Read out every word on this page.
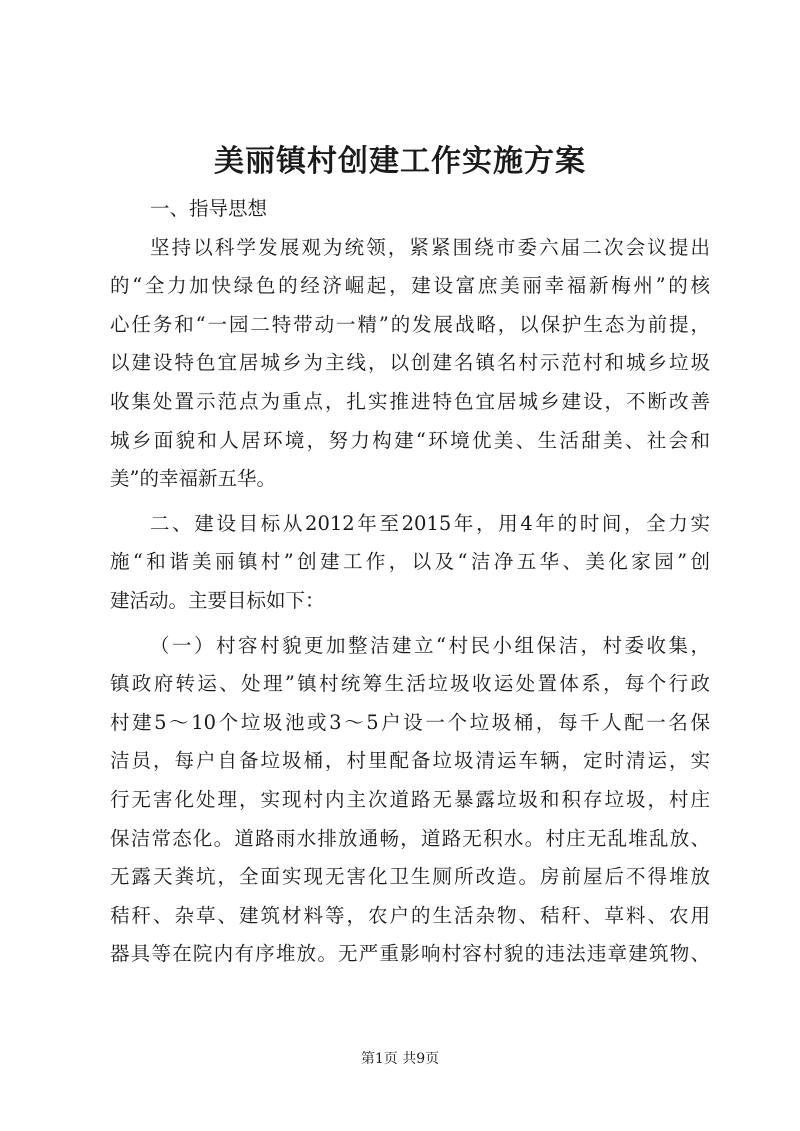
美丽镇村创建工作实施方案
一、指导思想
坚持以科学发展观为统领，紧紧围绕市委六届二次会议提出
的“全力加快绿色的经济崛起，建设富庶美丽幸福新梅州”的核
心任务和“一园二特带动一精”的发展战略，以保护生态为前提，
以建设特色宜居城乡为主线，以创建名镇名村示范村和城乡垃圾
收集处置示范点为重点，扎实推进特色宜居城乡建设，不断改善
城乡面貌和人居环境，努力构建“环境优美、生活甜美、社会和
美”的幸福新五华。
二、建设目标从2012年至2015年，用4年的时间，全力实
施“和谐美丽镇村”创建工作，以及“洁净五华、美化家园”创
建活动。主要目标如下：
（一）村容村貌更加整洁建立“村民小组保洁，村委收集，
镇政府转运、处理”镇村统筹生活垃圾收运处置体系，每个行政
村建5～10个垃圾池或3～5户设一个垃圾桶，每千人配一名保
洁员，每户自备垃圾桶，村里配备垃圾清运车辆，定时清运，实
行无害化处理，实现村内主次道路无暴露垃圾和积存垃圾，村庄
保洁常态化。道路雨水排放通畅，道路无积水。村庄无乱堆乱放、
无露天粪坑，全面实现无害化卫生厕所改造。房前屋后不得堆放
秸秆、杂草、建筑材料等，农户的生活杂物、秸秆、草料、农用
器具等在院内有序堆放。无严重影响村容村貌的违法违章建筑物、
第1页 共9页
